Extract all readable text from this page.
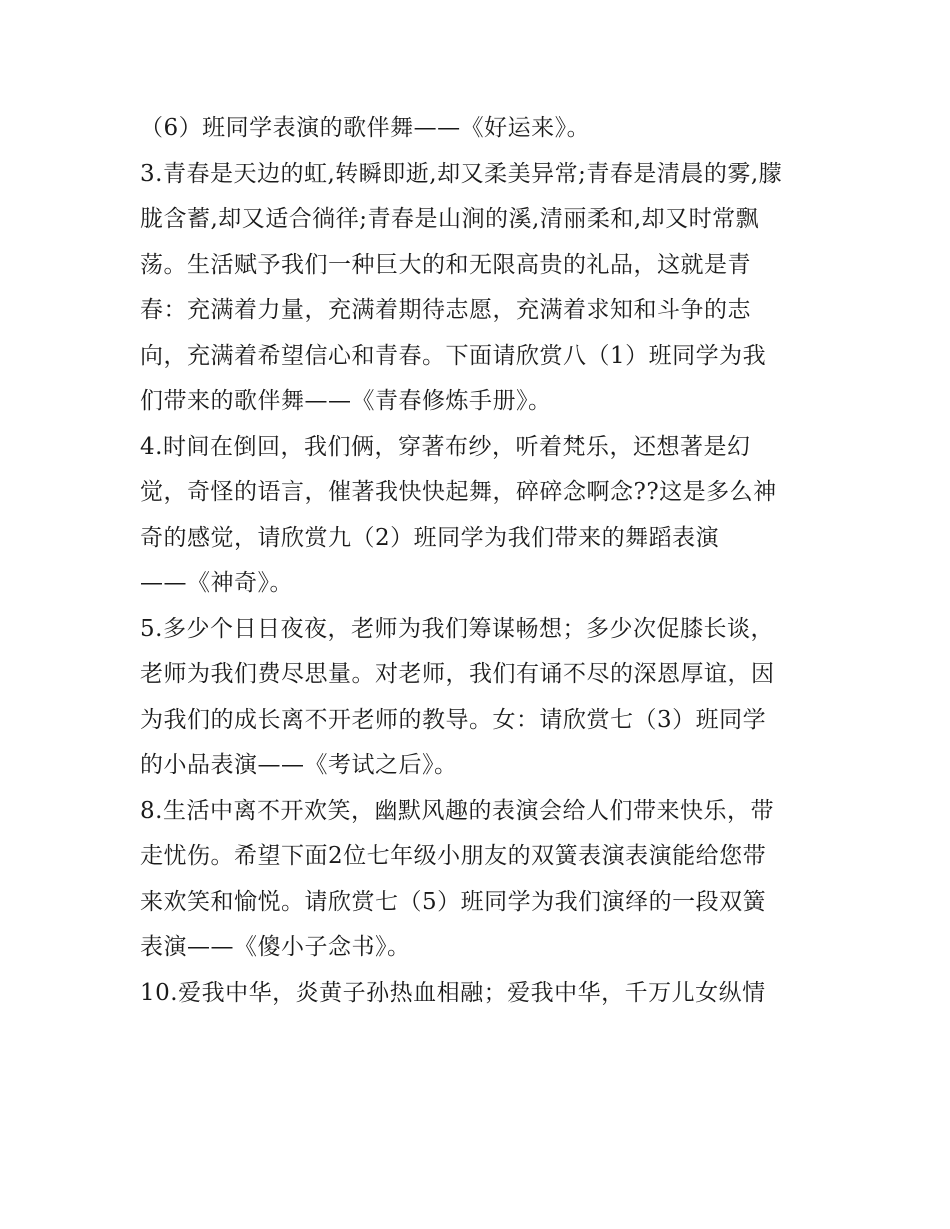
（6）班同学表演的歌伴舞——《好运来》。
3.青春是天边的虹,转瞬即逝,却又柔美异常;青春是清晨的雾,朦
胧含蓄,却又适合徜徉;青春是山涧的溪,清丽柔和,却又时常飘
荡。生活赋予我们一种巨大的和无限高贵的礼品，这就是青
春：充满着力量，充满着期待志愿，充满着求知和斗争的志
向，充满着希望信心和青春。下面请欣赏八（1）班同学为我
们带来的歌伴舞——《青春修炼手册》。
4.时间在倒回，我们俩，穿著布纱，听着梵乐，还想著是幻
觉，奇怪的语言，催著我快快起舞，碎碎念啊念??这是多么神
奇的感觉，请欣赏九（2）班同学为我们带来的舞蹈表演
——《神奇》。
5.多少个日日夜夜，老师为我们筹谋畅想；多少次促膝长谈，
老师为我们费尽思量。对老师，我们有诵不尽的深恩厚谊，因
为我们的成长离不开老师的教导。女：请欣赏七（3）班同学
的小品表演——《考试之后》。
8.生活中离不开欢笑，幽默风趣的表演会给人们带来快乐，带
走忧伤。希望下面2位七年级小朋友的双簧表演表演能给您带
来欢笑和愉悦。请欣赏七（5）班同学为我们演绎的一段双簧
表演——《傻小子念书》。
10.爱我中华，炎黄子孙热血相融；爱我中华，千万儿女纵情
